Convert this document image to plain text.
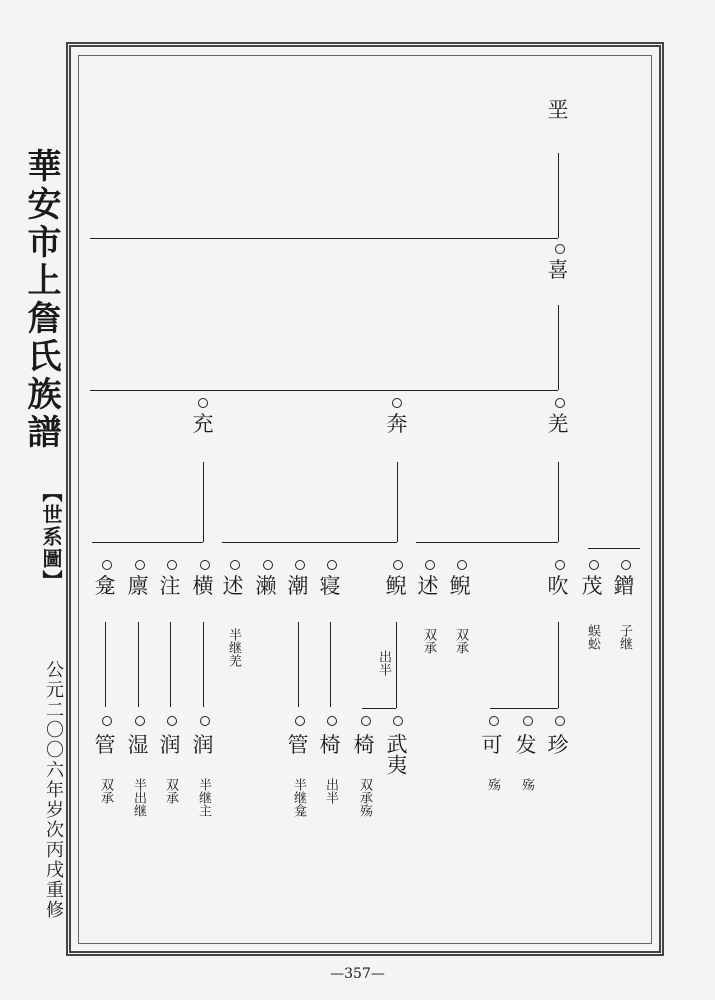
華安市上詹氏族譜
【世系圖】
公元二〇〇六年岁次丙戌重修
垩
喜
充	奔	羌
龛 廪 注 横 述 濑 潮 寝 鲵 述 鲵	吹 茂 鏳
半继羌	双承 双承	蜈蚣 子继
出半
管 湿 润 润	管 椅 椅 武夷	可 发 珍
双承 半出继 双承 半继主	半继龛 出半 双承殇	殇 殇
—357—
